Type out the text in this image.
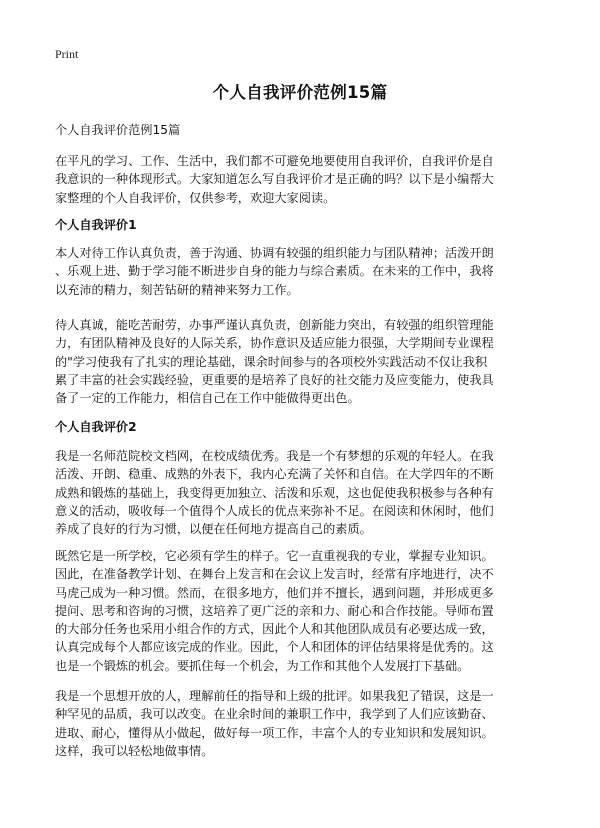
Print
个人自我评价范例15篇

个人自我评价范例15篇

在平凡的学习、工作、生活中，我们都不可避免地要使用自我评价，自我评价是自
我意识的一种体现形式。大家知道怎么写自我评价才是正确的吗？以下是小编帮大
家整理的个人自我评价，仅供参考，欢迎大家阅读。

个人自我评价1

本人对待工作认真负责，善于沟通、协调有较强的组织能力与团队精神；活泼开朗
、乐观上进、勤于学习能不断进步自身的能力与综合素质。在未来的工作中，我将
以充沛的精力，刻苦钻研的精神来努力工作。

待人真诚，能吃苦耐劳，办事严谨认真负责，创新能力突出，有较强的组织管理能
力，有团队精神及良好的人际关系，协作意识及适应能力很强，大学期间专业课程
的"学习使我有了扎实的理论基础，课余时间参与的各项校外实践活动不仅让我积
累了丰富的社会实践经验，更重要的是培养了良好的社交能力及应变能力，使我具
备了一定的工作能力，相信自己在工作中能做得更出色。

个人自我评价2

我是一名师范院校文档网，在校成绩优秀。我是一个有梦想的乐观的年轻人。在我
活泼、开朗、稳重、成熟的外表下，我内心充满了关怀和自信。在大学四年的不断
成熟和锻炼的基础上，我变得更加独立、活泼和乐观，这也促使我积极参与各种有
意义的活动，吸收每一个值得个人成长的优点来弥补不足。在阅读和休闲时，他们
养成了良好的行为习惯，以便在任何地方提高自己的素质。

既然它是一所学校，它必须有学生的样子。它一直重视我的专业，掌握专业知识。
因此，在准备教学计划、在舞台上发言和在会议上发言时，经常有序地进行，决不
马虎己成为一种习惯。然而，在很多地方，他们并不擅长，遇到问题，并形成更多
提问、思考和咨询的习惯，这培养了更广泛的亲和力、耐心和合作技能。导师布置
的大部分任务也采用小组合作的方式，因此个人和其他团队成员有必要达成一致，
认真完成每个人都应该完成的作业。因此，个人和团体的评估结果将是优秀的。这
也是一个锻炼的机会。要抓住每一个机会，为工作和其他个人发展打下基础。

我是一个思想开放的人，理解前任的指导和上级的批评。如果我犯了错误，这是一
种罕见的品质，我可以改变。在业余时间的兼职工作中，我学到了人们应该勤奋、
进取、耐心，懂得从小做起，做好每一项工作，丰富个人的专业知识和发展知识。
这样，我可以轻松地做事情。
